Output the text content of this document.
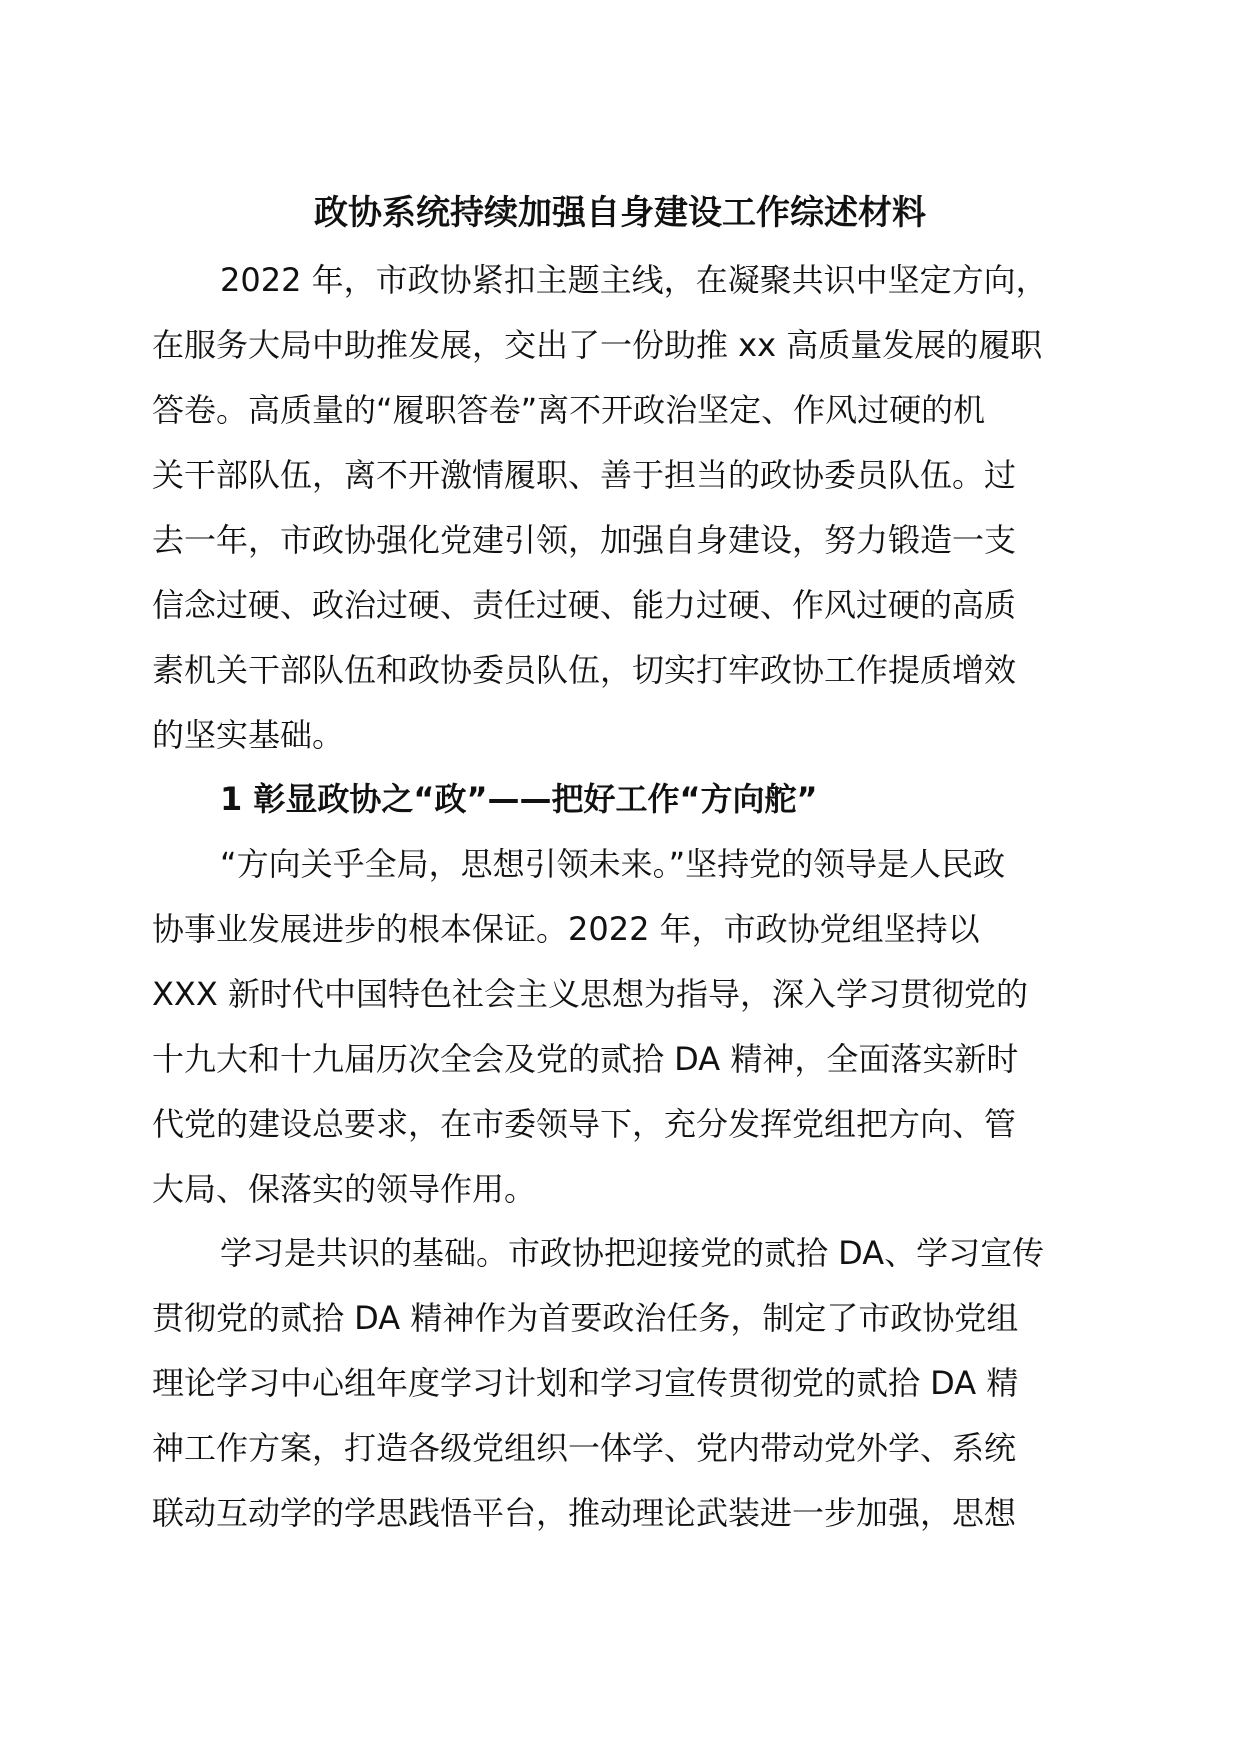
政协系统持续加强自身建设工作综述材料
2022 年，市政协紧扣主题主线，在凝聚共识中坚定方向，
在服务大局中助推发展，交出了一份助推 xx 高质量发展的履职
答卷。高质量的“履职答卷”离不开政治坚定、作风过硬的机
关干部队伍，离不开激情履职、善于担当的政协委员队伍。过
去一年，市政协强化党建引领，加强自身建设，努力锻造一支
信念过硬、政治过硬、责任过硬、能力过硬、作风过硬的高质
素机关干部队伍和政协委员队伍，切实打牢政协工作提质增效
的坚实基础。
1 彰显政协之“政”——把好工作“方向舵”
“方向关乎全局，思想引领未来。”坚持党的领导是人民政
协事业发展进步的根本保证。2022 年，市政协党组坚持以
XXX 新时代中国特色社会主义思想为指导，深入学习贯彻党的
十九大和十九届历次全会及党的贰拾 DA 精神，全面落实新时
代党的建设总要求，在市委领导下，充分发挥党组把方向、管
大局、保落实的领导作用。
学习是共识的基础。市政协把迎接党的贰拾 DA、学习宣传
贯彻党的贰拾 DA 精神作为首要政治任务，制定了市政协党组
理论学习中心组年度学习计划和学习宣传贯彻党的贰拾 DA 精
神工作方案，打造各级党组织一体学、党内带动党外学、系统
联动互动学的学思践悟平台，推动理论武装进一步加强，思想
